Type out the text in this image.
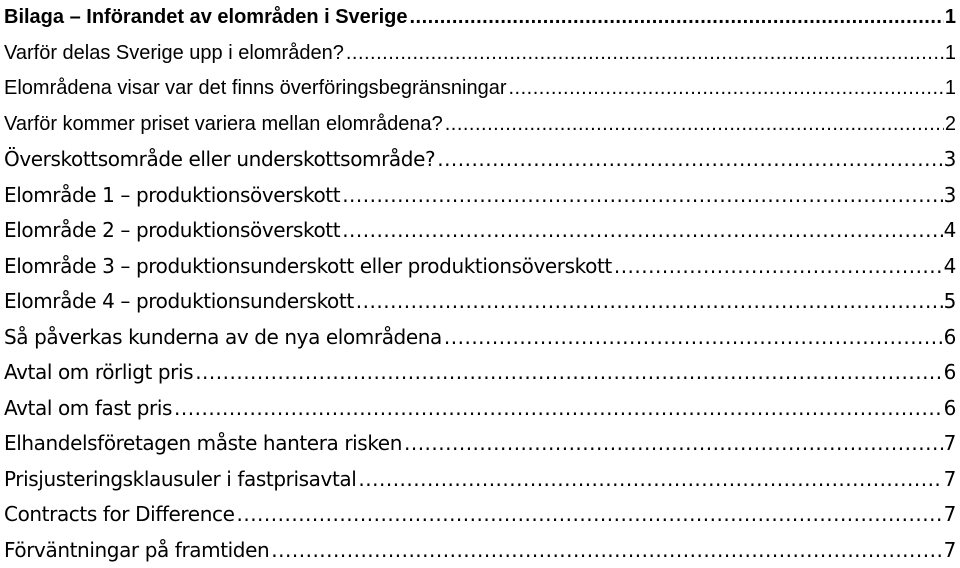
Bilaga – Införandet av elområden i Sverige .....	1
Varför delas Sverige upp i elområden? .....	1
Elområdena visar var det finns överföringsbegränsningar .....	1
Varför kommer priset variera mellan elområdena? .....	2
Överskottsområde eller underskottsområde? .....	3
Elområde 1 – produktionsöverskott .....	3
Elområde 2 – produktionsöverskott .....	4
Elområde 3 – produktionsunderskott eller produktionsöverskott .....	4
Elområde 4 – produktionsunderskott .....	5
Så påverkas kunderna av de nya elområdena .....	6
Avtal om rörligt pris .....	6
Avtal om fast pris .....	6
Elhandelsföretagen måste hantera risken .....	7
Prisjusteringsklausuler i fastprisavtal .....	7
Contracts for Difference .....	7
Förväntningar på framtiden .....	7
